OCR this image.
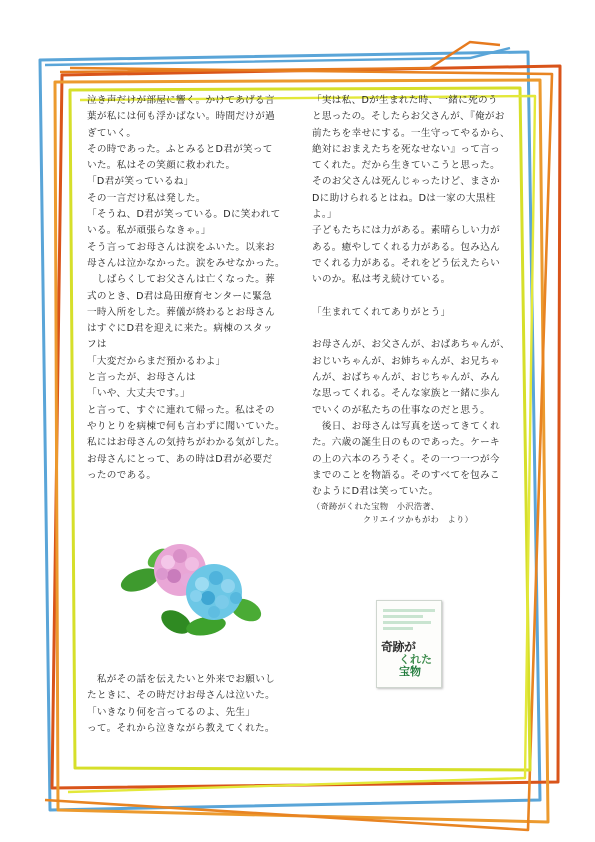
泣き声だけが部屋に響く。かけてあげる言

葉が私には何も浮かばない。時間だけが過

ぎていく。

その時であった。ふとみるとD君が笑って

いた。私はその笑顔に救われた。

「D君が笑っているね」

その一言だけ私は発した。

「そうね、D君が笑っている。Dに笑われて

いる。私が頑張らなきゃ。」

そう言ってお母さんは涙をふいた。以来お

母さんは泣かなかった。涙をみせなかった。

　しばらくしてお父さんは亡くなった。葬

式のとき、D君は島田療育センターに緊急

一時入所をした。葬儀が終わるとお母さん

はすぐにD君を迎えに来た。病棟のスタッ

フは

「大変だからまだ預かるわよ」

と言ったが、お母さんは

「いや、大丈夫です。」

と言って、すぐに連れて帰った。私はその

やりとりを病棟で何も言わずに聞いていた。

私にはお母さんの気持ちがわかる気がした。

お母さんにとって、あの時はD君が必要だ

ったのである。

　私がその話を伝えたいと外来でお願いし

たときに、その時だけお母さんは泣いた。

「いきなり何を言ってるのよ、先生」

って。それから泣きながら教えてくれた。

「実は私、Dが生まれた時、一緒に死のう

と思ったの。そしたらお父さんが、『俺がお

前たちを幸せにする。一生守ってやるから、

絶対におまえたちを死なせない』って言っ

てくれた。だから生きていこうと思った。

そのお父さんは死んじゃったけど、まさか

Dに助けられるとはね。Dは一家の大黒柱

よ。」

子どもたちには力がある。素晴らしい力が

ある。癒やしてくれる力がある。包み込ん

でくれる力がある。それをどう伝えたらい

いのか。私は考え続けている。

「生まれてくれてありがとう」

お母さんが、お父さんが、おばあちゃんが、

おじいちゃんが、お姉ちゃんが、お兄ちゃ

んが、おばちゃんが、おじちゃんが、みん

な思ってくれる。そんな家族と一緒に歩ん

でいくのが私たちの仕事なのだと思う。

　後日、お母さんは写真を送ってきてくれ

た。六歳の誕生日のものであった。ケーキ

の上の六本のろうそく。その一つ一つが今

までのことを物語る。そのすべてを包みこ

むようにD君は笑っていた。

（奇跡がくれた宝物　小沢浩著、

　　　　　　クリエイツかもがわ　より）

奇跡が
くれた
宝物
